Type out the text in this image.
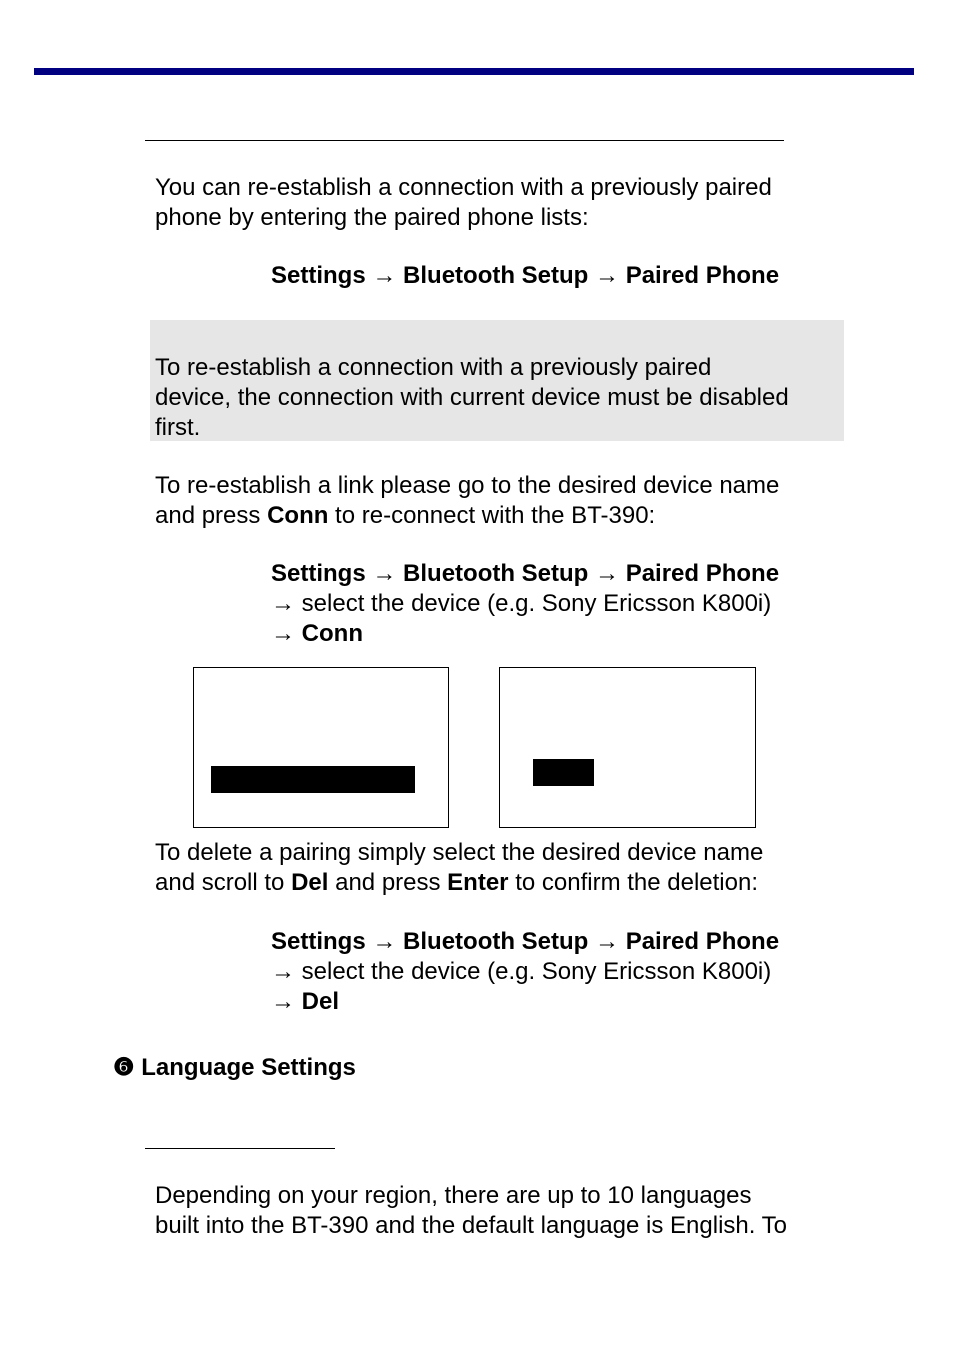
You can re-establish a connection with a previously paired
phone by entering the paired phone lists:

Settings → Bluetooth Setup → Paired Phone

To re-establish a connection with a previously paired
device, the connection with current device must be disabled
first.

To re-establish a link please go to the desired device name
and press Conn to re-connect with the BT-390:

Settings → Bluetooth Setup → Paired Phone
→ select the device (e.g. Sony Ericsson K800i)
→ Conn

To delete a pairing simply select the desired device name
and scroll to Del and press Enter to confirm the deletion:

Settings → Bluetooth Setup → Paired Phone
→ select the device (e.g. Sony Ericsson K800i)
→ Del

❻ Language Settings

Depending on your region, there are up to 10 languages
built into the BT-390 and the default language is English. To
